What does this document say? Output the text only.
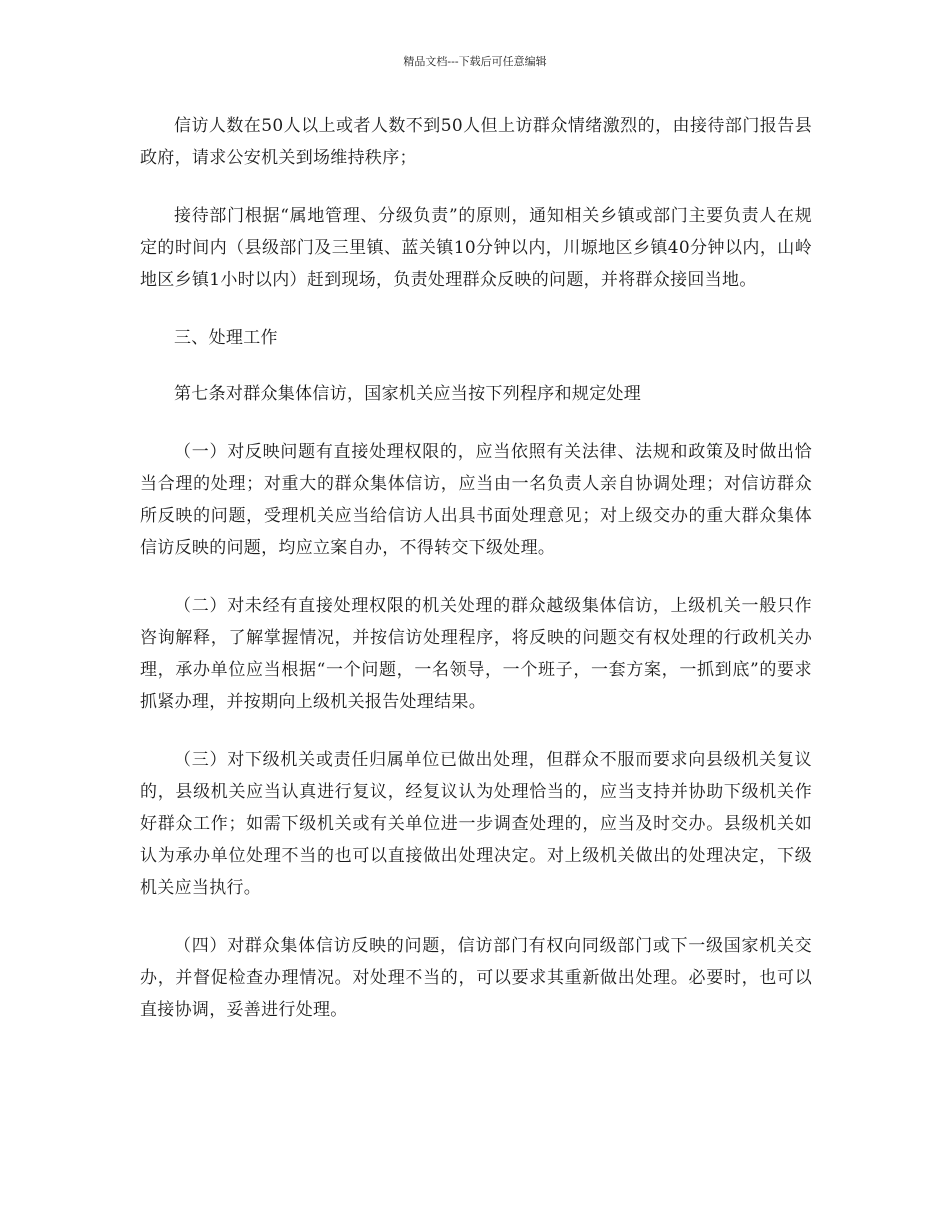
精品文档---下载后可任意编辑

信访人数在50人以上或者人数不到50人但上访群众情绪激烈的，由接待部门报告县政府，请求公安机关到场维持秩序；

接待部门根据“属地管理、分级负责”的原则，通知相关乡镇或部门主要负责人在规定的时间内（县级部门及三里镇、蓝关镇10分钟以内，川塬地区乡镇40分钟以内，山岭地区乡镇1小时以内）赶到现场，负责处理群众反映的问题，并将群众接回当地。

三、处理工作

第七条对群众集体信访，国家机关应当按下列程序和规定处理

（一）对反映问题有直接处理权限的，应当依照有关法律、法规和政策及时做出恰当合理的处理；对重大的群众集体信访，应当由一名负责人亲自协调处理；对信访群众所反映的问题，受理机关应当给信访人出具书面处理意见；对上级交办的重大群众集体信访反映的问题，均应立案自办，不得转交下级处理。

（二）对未经有直接处理权限的机关处理的群众越级集体信访，上级机关一般只作咨询解释，了解掌握情况，并按信访处理程序，将反映的问题交有权处理的行政机关办理，承办单位应当根据“一个问题，一名领导，一个班子，一套方案，一抓到底”的要求抓紧办理，并按期向上级机关报告处理结果。

（三）对下级机关或责任归属单位已做出处理，但群众不服而要求向县级机关复议的，县级机关应当认真进行复议，经复议认为处理恰当的，应当支持并协助下级机关作好群众工作；如需下级机关或有关单位进一步调查处理的，应当及时交办。县级机关如认为承办单位处理不当的也可以直接做出处理决定。对上级机关做出的处理决定，下级机关应当执行。

（四）对群众集体信访反映的问题，信访部门有权向同级部门或下一级国家机关交办，并督促检查办理情况。对处理不当的，可以要求其重新做出处理。必要时，也可以直接协调，妥善进行处理。
